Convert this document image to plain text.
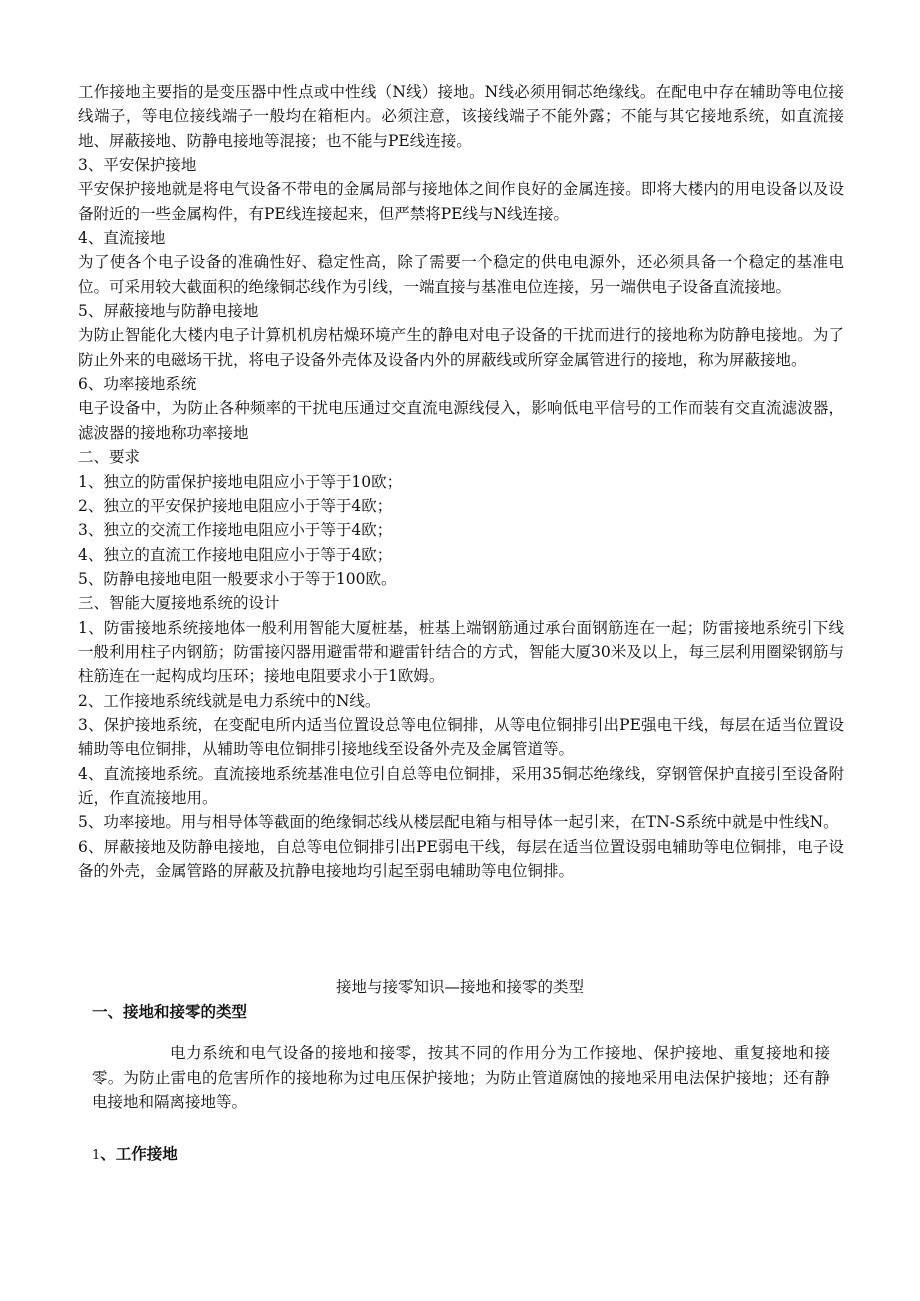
工作接地主要指的是变压器中性点或中性线（N线）接地。N线必须用铜芯绝缘线。在配电中存在辅助等电位接线端子，等电位接线端子一般均在箱柜内。必须注意，该接线端子不能外露；不能与其它接地系统，如直流接地、屏蔽接地、防静电接地等混接；也不能与PE线连接。

3、平安保护接地

平安保护接地就是将电气设备不带电的金属局部与接地体之间作良好的金属连接。即将大楼内的用电设备以及设备附近的一些金属构件，有PE线连接起来，但严禁将PE线与N线连接。

4、直流接地

为了使各个电子设备的准确性好、稳定性高，除了需要一个稳定的供电电源外，还必须具备一个稳定的基准电位。可采用较大截面积的绝缘铜芯线作为引线，一端直接与基准电位连接，另一端供电子设备直流接地。

5、屏蔽接地与防静电接地

为防止智能化大楼内电子计算机机房枯燥环境产生的静电对电子设备的干扰而进行的接地称为防静电接地。为了防止外来的电磁场干扰，将电子设备外壳体及设备内外的屏蔽线或所穿金属管进行的接地，称为屏蔽接地。

6、功率接地系统

电子设备中，为防止各种频率的干扰电压通过交直流电源线侵入，影响低电平信号的工作而装有交直流滤波器，滤波器的接地称功率接地

二、要求

1、独立的防雷保护接地电阻应小于等于10欧；

2、独立的平安保护接地电阻应小于等于4欧；

3、独立的交流工作接地电阻应小于等于4欧；

4、独立的直流工作接地电阻应小于等于4欧；

5、防静电接地电阻一般要求小于等于100欧。

三、智能大厦接地系统的设计

1、防雷接地系统接地体一般利用智能大厦桩基，桩基上端钢筋通过承台面钢筋连在一起；防雷接地系统引下线一般利用柱子内钢筋；防雷接闪器用避雷带和避雷针结合的方式，智能大厦30米及以上，每三层利用圈梁钢筋与柱筋连在一起构成均压环；接地电阻要求小于1欧姆。

2、工作接地系统线就是电力系统中的N线。

3、保护接地系统，在变配电所内适当位置设总等电位铜排，从等电位铜排引出PE强电干线，每层在适当位置设辅助等电位铜排，从辅助等电位铜排引接地线至设备外壳及金属管道等。

4、直流接地系统。直流接地系统基准电位引自总等电位铜排，采用35铜芯绝缘线，穿钢管保护直接引至设备附近，作直流接地用。

5、功率接地。用与相导体等截面的绝缘铜芯线从楼层配电箱与相导体一起引来，在TN-S系统中就是中性线N。

6、屏蔽接地及防静电接地，自总等电位铜排引出PE弱电干线，每层在适当位置设弱电辅助等电位铜排，电子设备的外壳，金属管路的屏蔽及抗静电接地均引起至弱电辅助等电位铜排。

接地与接零知识—接地和接零的类型
一、接地和接零的类型

电力系统和电气设备的接地和接零，按其不同的作用分为工作接地、保护接地、重复接地和接零。为防止雷电的危害所作的接地称为过电压保护接地；为防止管道腐蚀的接地采用电法保护接地；还有静电接地和隔离接地等。

1、工作接地
